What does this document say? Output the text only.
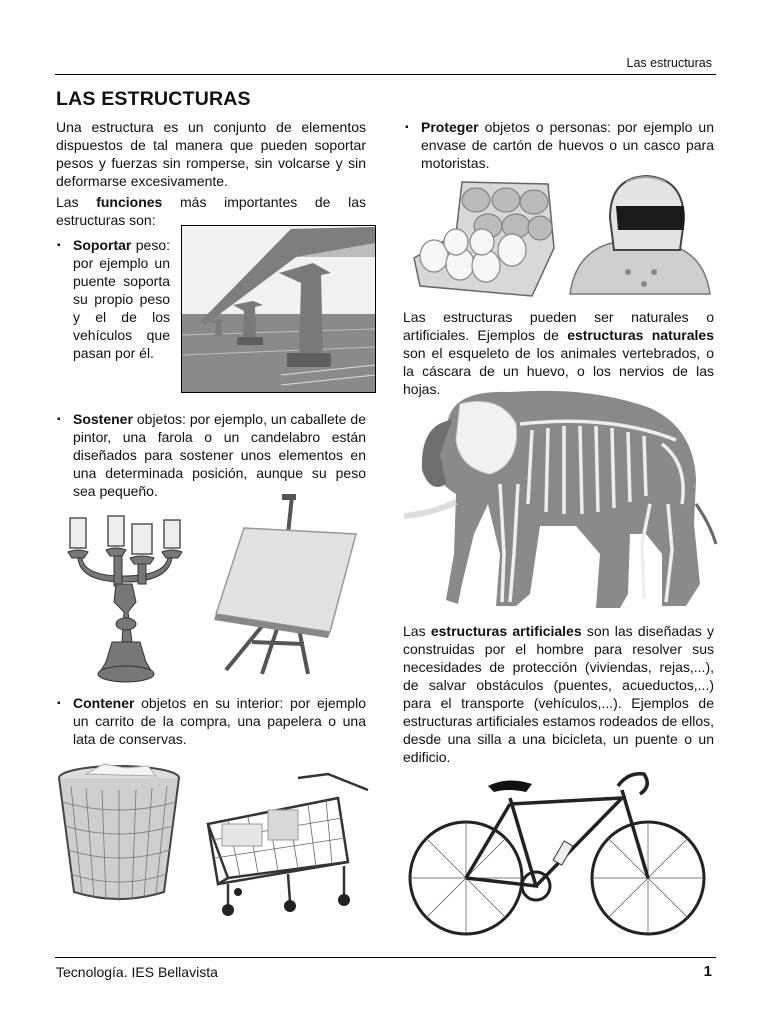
Las estructuras
LAS ESTRUCTURAS

Una estructura es un conjunto de elementos dispuestos de tal manera que pueden soportar pesos y fuerzas sin romperse, sin volcarse y sin deformarse excesivamente.

Las funciones más importantes de las estructuras son:

▪ Soportar peso: por ejemplo un puente soporta su propio peso y el de los vehículos que pasan por él.

▪ Sostener objetos: por ejemplo, un caballete de pintor, una farola o un candelabro están diseñados para sostener unos elementos en una determinada posición, aunque su peso sea pequeño.

▪ Contener objetos en su interior: por ejemplo un carrito de la compra, una papelera o una lata de conservas.

▪ Proteger objetos o personas: por ejemplo un envase de cartón de huevos o un casco para motoristas.

Las estructuras pueden ser naturales o artificiales. Ejemplos de estructuras naturales son el esqueleto de los animales vertebrados, o la cáscara de un huevo, o los nervios de las hojas.

Las estructuras artificiales son las diseñadas y construidas por el hombre para resolver sus necesidades de protección (viviendas, rejas,...), de salvar obstáculos (puentes, acueductos,...) para el transporte (vehículos,...). Ejemplos de estructuras artificiales estamos rodeados de ellos, desde una silla a una bicicleta, un puente o un edificio.

Tecnología. IES Bellavista	1
